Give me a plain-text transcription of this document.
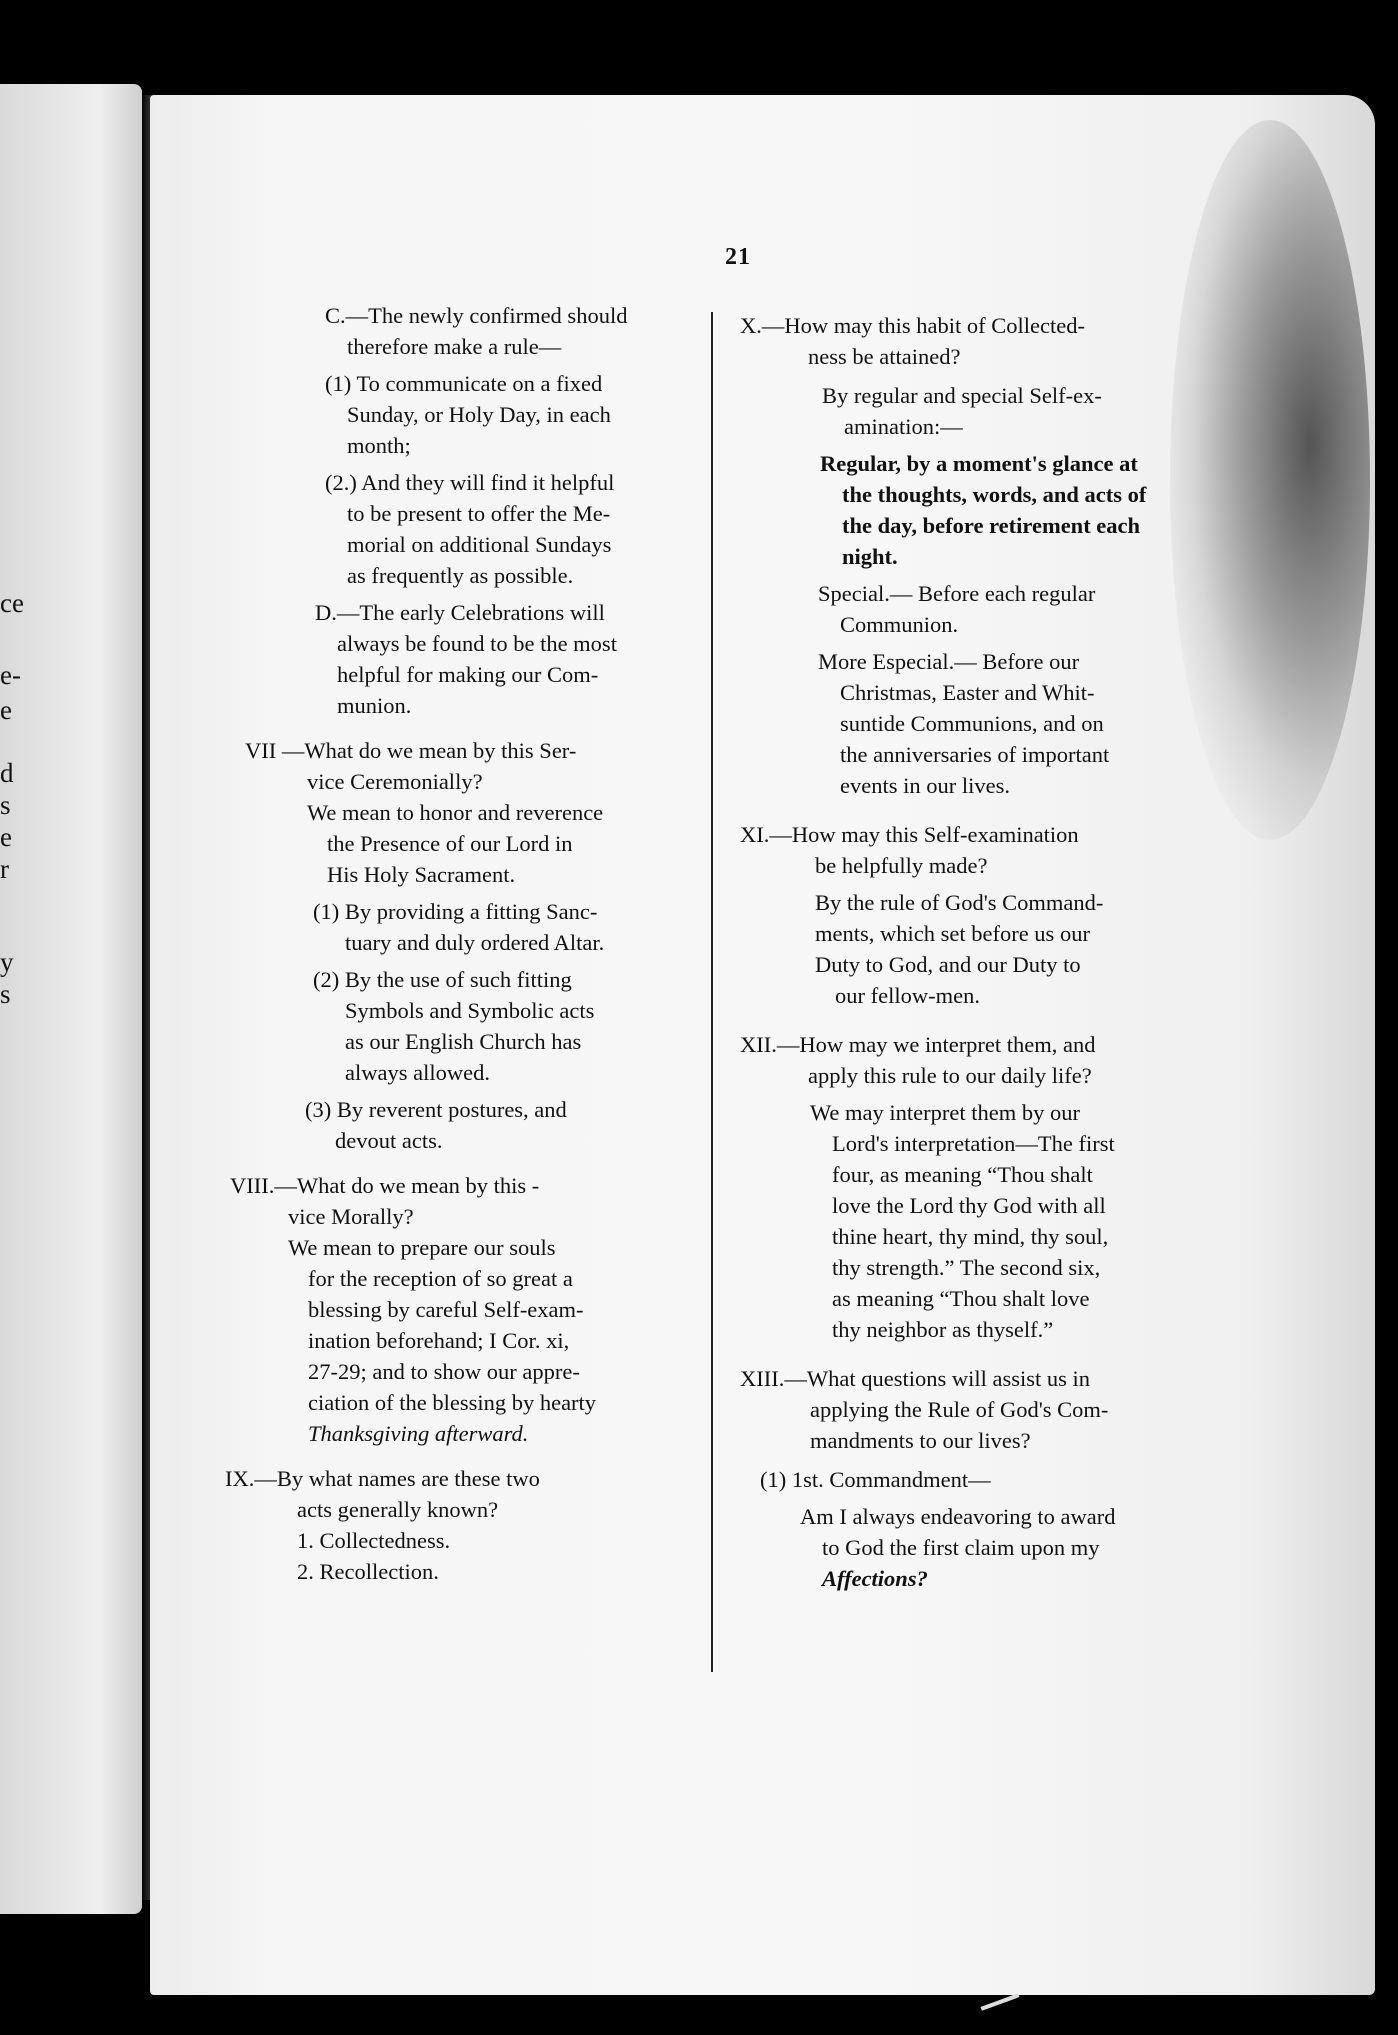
ce
e-
e
d
s
e
r
y
s
21

C.—The newly confirmed should

therefore make a rule—

(1) To communicate on a fixed

Sunday, or Holy Day, in each

month;

(2.) And they will find it helpful

to be present to offer the Me-

morial on additional Sundays

as frequently as possible.

D.—The early Celebrations will

always be found to be the most

helpful for making our Com-

munion.

VII —What do we mean by this Ser-

vice Ceremonially?

We mean to honor and reverence

the Presence of our Lord in

His Holy Sacrament.

(1) By providing a fitting Sanc-

tuary and duly ordered Altar.

(2) By the use of such fitting

Symbols and Symbolic acts

as our English Church has

always allowed.

(3) By reverent postures, and

devout acts.

VIII.—What do we mean by this -

vice Morally?

We mean to prepare our souls

for the reception of so great a

blessing by careful Self-exam-

ination beforehand; I Cor. xi,

27-29; and to show our appre-

ciation of the blessing by hearty

Thanksgiving afterward.

IX.—By what names are these two

acts generally known?

1. Collectedness.

2. Recollection.

X.—How may this habit of Collected-

ness be attained?

By regular and special Self-ex-

amination:—

Regular, by a moment's glance at

the thoughts, words, and acts of

the day, before retirement each

night.

Special.— Before each regular

Communion.

More Especial.— Before our

Christmas, Easter and Whit-

suntide Communions, and on

the anniversaries of important

events in our lives.

XI.—How may this Self-examination

be helpfully made?

By the rule of God's Command-

ments, which set before us our

Duty to God, and our Duty to

our fellow-men.

XII.—How may we interpret them, and

apply this rule to our daily life?

We may interpret them by our

Lord's interpretation—The first

four, as meaning “Thou shalt

love the Lord thy God with all

thine heart, thy mind, thy soul,

thy strength.” The second six,

as meaning “Thou shalt love

thy neighbor as thyself.”

XIII.—What questions will assist us in

applying the Rule of God's Com-

mandments to our lives?

(1) 1st. Commandment—

Am I always endeavoring to award

to God the first claim upon my

Affections?
